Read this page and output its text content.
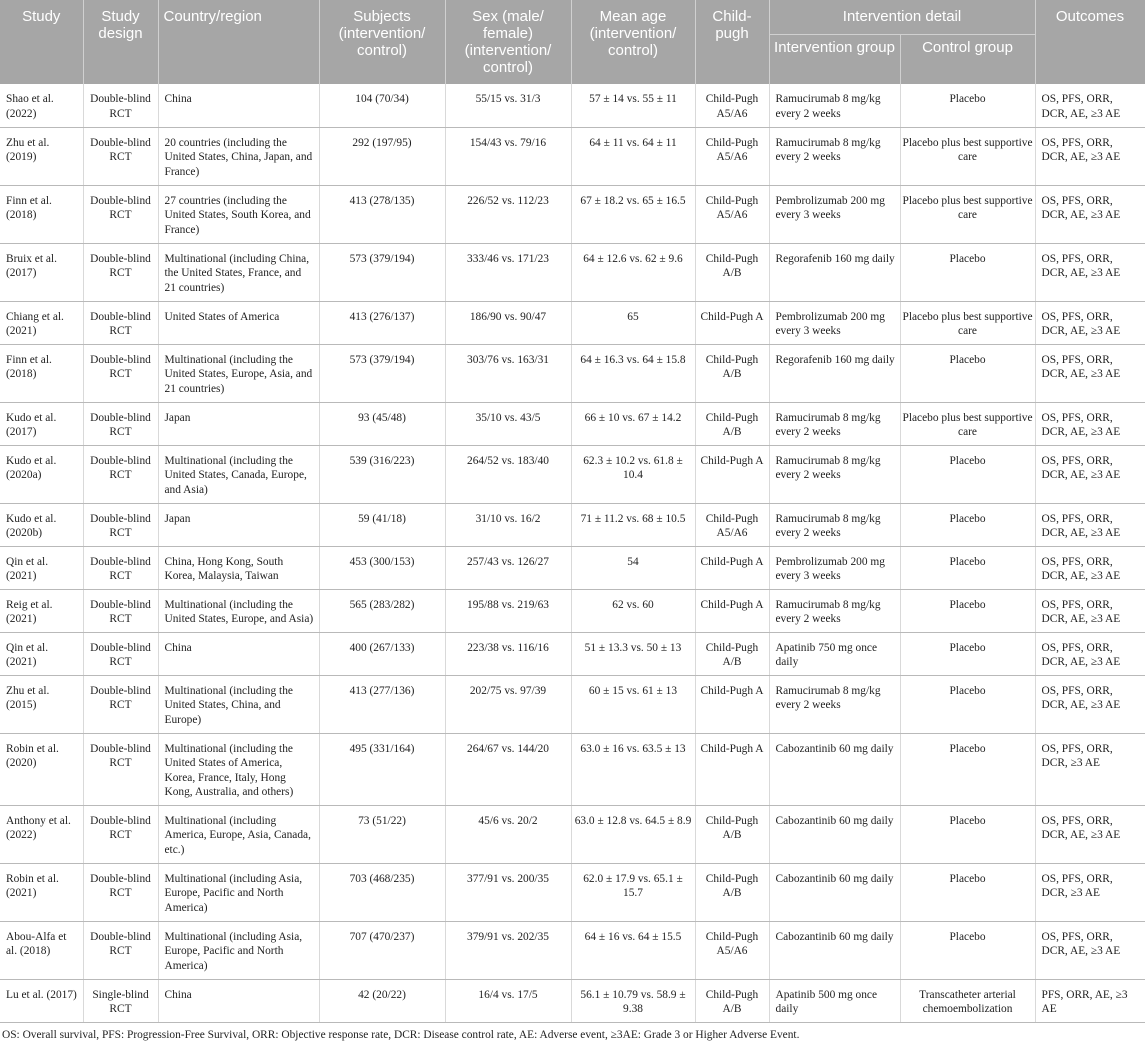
Study	Study design	Country/region	Subjects (intervention/ control)	Sex (male/ female) (intervention/ control)	Mean age (intervention/ control)	Child- pugh	Intervention detail		Outcomes
							Intervention group	Control group	
Shao et al. (2022)	Double-blind RCT	China	104 (70/34)	55/15 vs. 31/3	57 ± 14 vs. 55 ± 11	Child-Pugh A5/A6	Ramucirumab 8 mg/kg every 2 weeks	Placebo	OS, PFS, ORR, DCR, AE, ≥3 AE
Zhu et al. (2019)	Double-blind RCT	20 countries (including the United States, China, Japan, and France)	292 (197/95)	154/43 vs. 79/16	64 ± 11 vs. 64 ± 11	Child-Pugh A5/A6	Ramucirumab 8 mg/kg every 2 weeks	Placebo plus best supportive care	OS, PFS, ORR, DCR, AE, ≥3 AE
Finn et al. (2018)	Double-blind RCT	27 countries (including the United States, South Korea, and France)	413 (278/135)	226/52 vs. 112/23	67 ± 18.2 vs. 65 ± 16.5	Child-Pugh A5/A6	Pembrolizumab 200 mg every 3 weeks	Placebo plus best supportive care	OS, PFS, ORR, DCR, AE, ≥3 AE
Bruix et al. (2017)	Double-blind RCT	Multinational (including China, the United States, France, and 21 countries)	573 (379/194)	333/46 vs. 171/23	64 ± 12.6 vs. 62 ± 9.6	Child-Pugh A/B	Regorafenib 160 mg daily	Placebo	OS, PFS, ORR, DCR, AE, ≥3 AE
Chiang et al. (2021)	Double-blind RCT	United States of America	413 (276/137)	186/90 vs. 90/47	65	Child-Pugh A	Pembrolizumab 200 mg every 3 weeks	Placebo plus best supportive care	OS, PFS, ORR, DCR, AE, ≥3 AE
Finn et al. (2018)	Double-blind RCT	Multinational (including the United States, Europe, Asia, and 21 countries)	573 (379/194)	303/76 vs. 163/31	64 ± 16.3 vs. 64 ± 15.8	Child-Pugh A/B	Regorafenib 160 mg daily	Placebo	OS, PFS, ORR, DCR, AE, ≥3 AE
Kudo et al. (2017)	Double-blind RCT	Japan	93 (45/48)	35/10 vs. 43/5	66 ± 10 vs. 67 ± 14.2	Child-Pugh A/B	Ramucirumab 8 mg/kg every 2 weeks	Placebo plus best supportive care	OS, PFS, ORR, DCR, AE, ≥3 AE
Kudo et al. (2020a)	Double-blind RCT	Multinational (including the United States, Canada, Europe, and Asia)	539 (316/223)	264/52 vs. 183/40	62.3 ± 10.2 vs. 61.8 ± 10.4	Child-Pugh A	Ramucirumab 8 mg/kg every 2 weeks	Placebo	OS, PFS, ORR, DCR, AE, ≥3 AE
Kudo et al. (2020b)	Double-blind RCT	Japan	59 (41/18)	31/10 vs. 16/2	71 ± 11.2 vs. 68 ± 10.5	Child-Pugh A5/A6	Ramucirumab 8 mg/kg every 2 weeks	Placebo	OS, PFS, ORR, DCR, AE, ≥3 AE
Qin et al. (2021)	Double-blind RCT	China, Hong Kong, South Korea, Malaysia, Taiwan	453 (300/153)	257/43 vs. 126/27	54	Child-Pugh A	Pembrolizumab 200 mg every 3 weeks	Placebo	OS, PFS, ORR, DCR, AE, ≥3 AE
Reig et al. (2021)	Double-blind RCT	Multinational (including the United States, Europe, and Asia)	565 (283/282)	195/88 vs. 219/63	62 vs. 60	Child-Pugh A	Ramucirumab 8 mg/kg every 2 weeks	Placebo	OS, PFS, ORR, DCR, AE, ≥3 AE
Qin et al. (2021)	Double-blind RCT	China	400 (267/133)	223/38 vs. 116/16	51 ± 13.3 vs. 50 ± 13	Child-Pugh A/B	Apatinib 750 mg once daily	Placebo	OS, PFS, ORR, DCR, AE, ≥3 AE
Zhu et al. (2015)	Double-blind RCT	Multinational (including the United States, China, and Europe)	413 (277/136)	202/75 vs. 97/39	60 ± 15 vs. 61 ± 13	Child-Pugh A	Ramucirumab 8 mg/kg every 2 weeks	Placebo	OS, PFS, ORR, DCR, AE, ≥3 AE
Robin et al. (2020)	Double-blind RCT	Multinational (including the United States of America, Korea, France, Italy, Hong Kong, Australia, and others)	495 (331/164)	264/67 vs. 144/20	63.0 ± 16 vs. 63.5 ± 13	Child-Pugh A	Cabozantinib 60 mg daily	Placebo	OS, PFS, ORR, DCR, ≥3 AE
Anthony et al. (2022)	Double-blind RCT	Multinational (including America, Europe, Asia, Canada, etc.)	73 (51/22)	45/6 vs. 20/2	63.0 ± 12.8 vs. 64.5 ± 8.9	Child-Pugh A/B	Cabozantinib 60 mg daily	Placebo	OS, PFS, ORR, DCR, AE, ≥3 AE
Robin et al. (2021)	Double-blind RCT	Multinational (including Asia, Europe, Pacific and North America)	703 (468/235)	377/91 vs. 200/35	62.0 ± 17.9 vs. 65.1 ± 15.7	Child-Pugh A/B	Cabozantinib 60 mg daily	Placebo	OS, PFS, ORR, DCR, ≥3 AE
Abou-Alfa et al. (2018)	Double-blind RCT	Multinational (including Asia, Europe, Pacific and North America)	707 (470/237)	379/91 vs. 202/35	64 ± 16 vs. 64 ± 15.5	Child-Pugh A5/A6	Cabozantinib 60 mg daily	Placebo	OS, PFS, ORR, DCR, AE, ≥3 AE
Lu et al. (2017)	Single-blind RCT	China	42 (20/22)	16/4 vs. 17/5	56.1 ± 10.79 vs. 58.9 ± 9.38	Child-Pugh A/B	Apatinib 500 mg once daily	Transcatheter arterial chemoembolization	PFS, ORR, AE, ≥3 AE
OS: Overall survival, PFS: Progression-Free Survival, ORR: Objective response rate, DCR: Disease control rate, AE: Adverse event, ≥3AE: Grade 3 or Higher Adverse Event.
